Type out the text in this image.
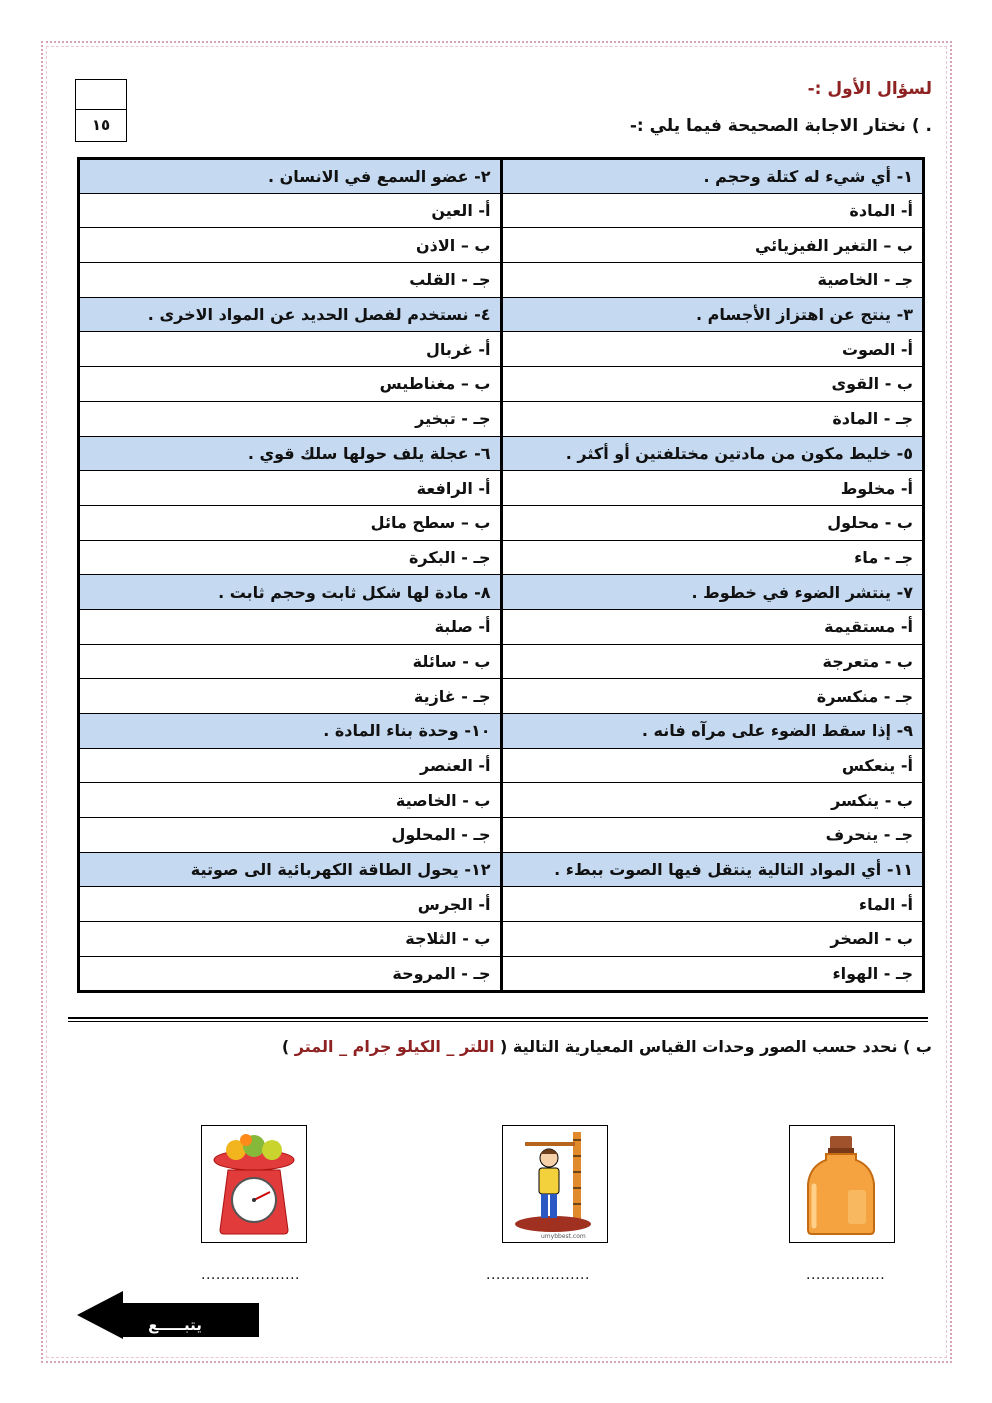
١٥
لسؤال الأول :-
. ) نختار الاجابة الصحيحة فيما يلي :-
١- أي شيء له كتلة وحجم .	٢- عضو السمع في الانسان .
أ- المادة	أ- العين
ب – التغير الفيزيائي	ب – الاذن
جـ - الخاصية	جـ - القلب
٣- ينتج عن اهتزاز الأجسام .	٤- نستخدم لفصل الحديد عن المواد الاخرى .
أ- الصوت	أ- غربال
ب - القوى	ب – مغناطيس
جـ - المادة	جـ - تبخير
٥- خليط مكون من مادتين مختلفتين أو أكثر .	٦- عجلة يلف حولها سلك قوي .
أ- مخلوط	أ- الرافعة
ب - محلول	ب – سطح مائل
جـ - ماء	جـ - البكرة
٧- ينتشر الضوء في خطوط .	٨- مادة لها شكل ثابت وحجم ثابت .
أ- مستقيمة	أ- صلبة
ب - متعرجة	ب - سائلة
جـ - منكسرة	جـ - غازية
٩- إذا سقط الضوء على مرآه فانه .	١٠- وحدة بناء المادة .
أ- ينعكس	أ- العنصر
ب - ينكسر	ب - الخاصية
جـ - ينحرف	جـ - المحلول
١١- أي المواد التالية ينتقل فيها الصوت ببطء .	١٢- يحول الطاقة الكهربائية الى صوتية
أ- الماء	أ- الجرس
ب - الصخر	ب - الثلاجة
جـ - الهواء	جـ - المروحة
ب ) نحدد حسب الصور وحدات القياس المعيارية التالية ( اللتر _ الكيلو جرام _ المتر )
umybbest.com
................
.....................
....................
يتبـــــع
